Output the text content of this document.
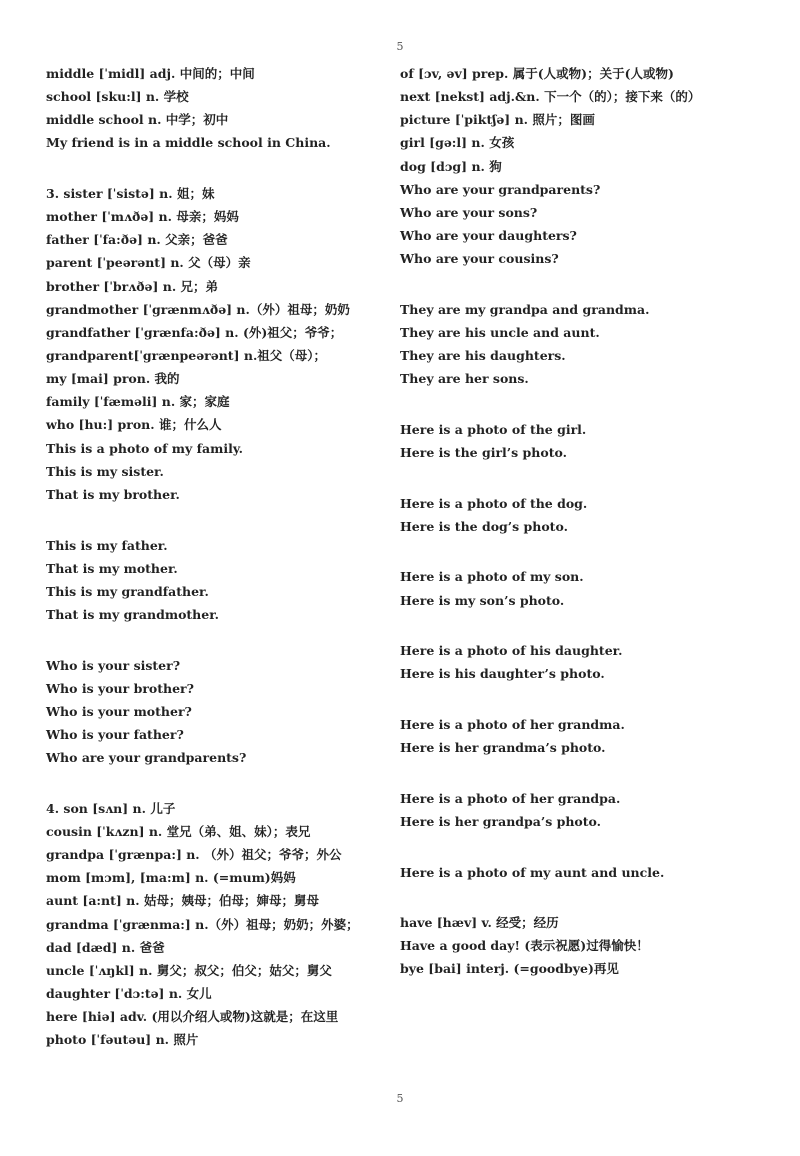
5
middle [ˈmidl] adj. 中间的；中间
school [sku:l] n. 学校
middle school n. 中学；初中
My friend is in a middle school in China.
3. sister [ˈsistə] n. 姐；妹
mother [ˈmʌðə] n. 母亲；妈妈
father [ˈfa:ðə] n. 父亲；爸爸
parent [ˈpeərənt] n. 父（母）亲
brother [ˈbrʌðə] n. 兄；弟
grandmother [ˈgrænmʌðə] n.（外）祖母；奶奶
grandfather [ˈgrænfa:ðə] n. (外)祖父；爷爷；
grandparent[ˈgrænpeərənt] n.祖父（母）；
my [mai] pron. 我的
family [ˈfæməli] n. 家；家庭
who [hu:] pron. 谁；什么人
This is a photo of my family.
This is my sister.
That is my brother.
This is my father.
That is my mother.
This is my grandfather.
That is my grandmother.
Who is your sister?
Who is your brother?
Who is your mother?
Who is your father?
Who are your grandparents?
4. son [sʌn] n. 儿子
cousin [ˈkʌzn] n. 堂兄（弟、姐、妹）；表兄
grandpa [ˈgrænpa:] n. （外）祖父；爷爷；外公
mom [mɔm], [ma:m] n. (=mum)妈妈
aunt [a:nt] n. 姑母；姨母；伯母；婶母；舅母
grandma [ˈgrænma:] n.（外）祖母；奶奶；外婆；
dad [dæd] n. 爸爸
uncle [ˈʌŋkl] n. 舅父；叔父；伯父；姑父；舅父
daughter [ˈdɔ:tə] n. 女儿
here [hiə] adv. (用以介绍人或物)这就是；在这里
photo [ˈfəutəu] n. 照片
of [ɔv, əv] prep. 属于(人或物)；关于(人或物)
next [nekst] adj.&n. 下一个（的）；接下来（的）
picture [ˈpiktʃə] n. 照片；图画
girl [gə:l] n. 女孩
dog [dɔg] n. 狗
Who are your grandparents?
Who are your sons?
Who are your daughters?
Who are your cousins?
They are my grandpa and grandma.
They are his uncle and aunt.
They are his daughters.
They are her sons.
Here is a photo of the girl.
Here is the girl’s photo.
Here is a photo of the dog.
Here is the dog’s photo.
Here is a photo of my son.
Here is my son’s photo.
Here is a photo of his daughter.
Here is his daughter’s photo.
Here is a photo of her grandma.
Here is her grandma’s photo.
Here is a photo of her grandpa.
Here is her grandpa’s photo.
Here is a photo of my aunt and uncle.
have [hæv] v. 经受；经历
Have a good day! (表示祝愿)过得愉快！
bye [bai] interj. (=goodbye)再见
5
